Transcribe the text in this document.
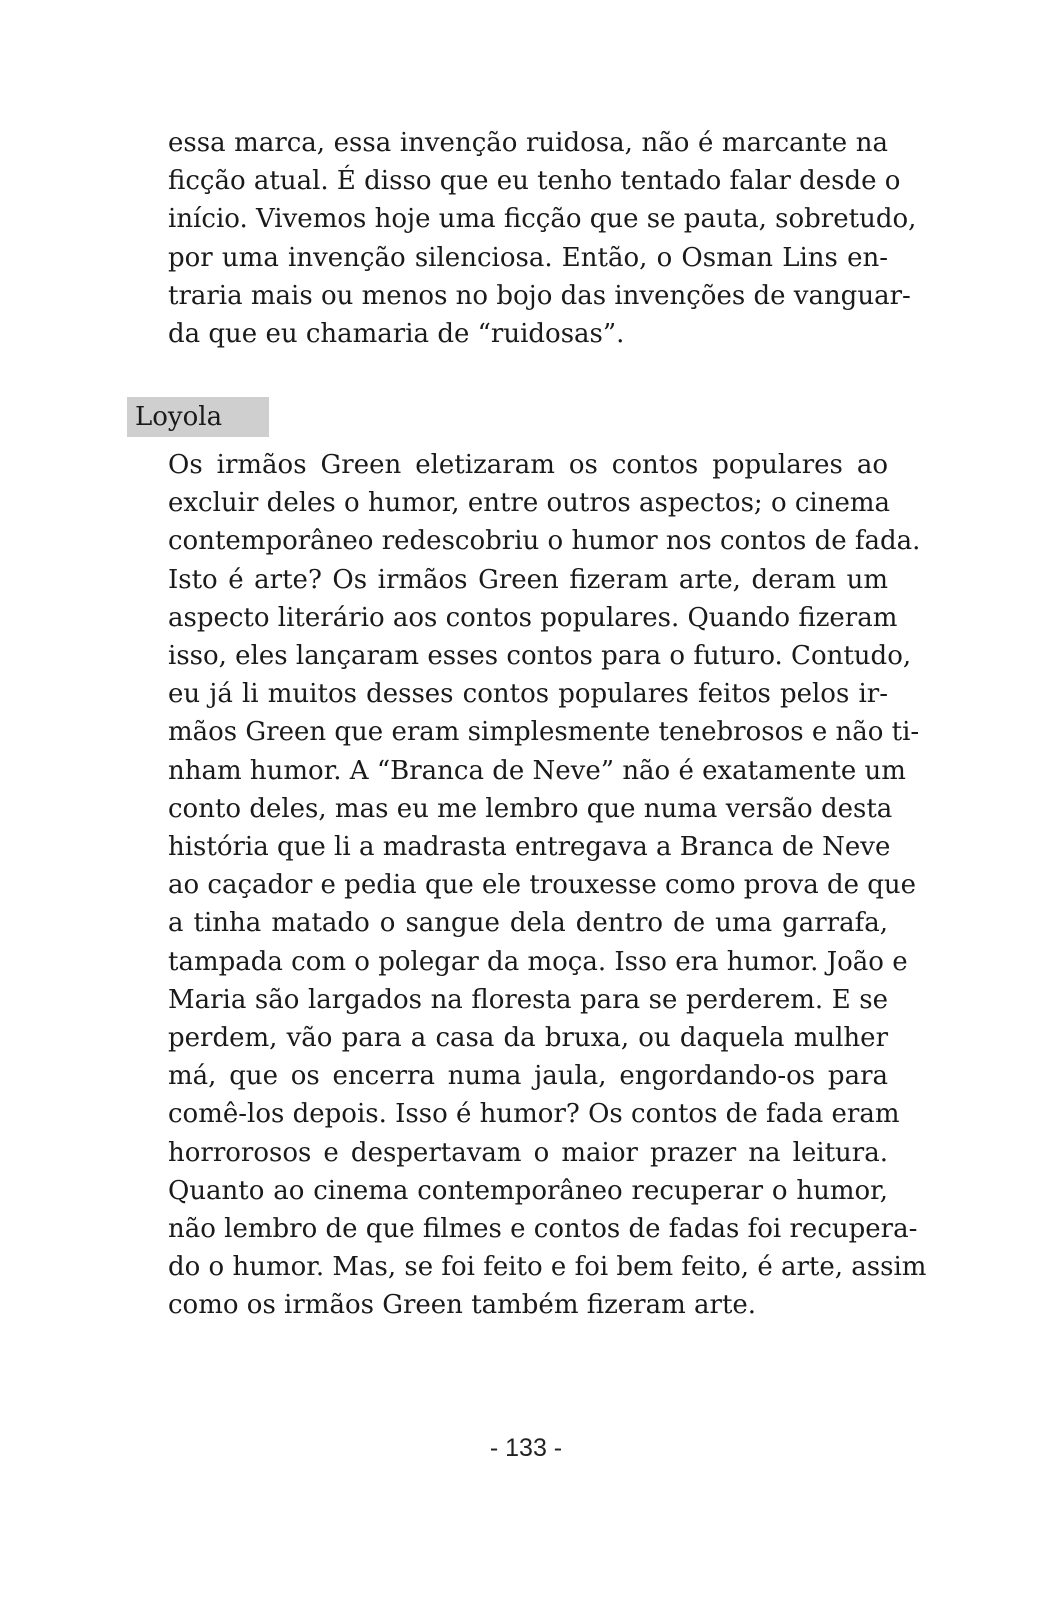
essa marca, essa invenção ruidosa, não é marcante na
ficção atual. É disso que eu tenho tentado falar desde o
início. Vivemos hoje uma ficção que se pauta, sobretudo,
por uma invenção silenciosa. Então, o Osman Lins en-
traria mais ou menos no bojo das invenções de vanguar-
da que eu chamaria de “ruidosas”.

Loyola

Os irmãos Green eletizaram os contos populares ao
excluir deles o humor, entre outros aspectos; o cinema
contemporâneo redescobriu o humor nos contos de fada.
Isto é arte? Os irmãos Green fizeram arte, deram um
aspecto literário aos contos populares. Quando fizeram
isso, eles lançaram esses contos para o futuro. Contudo,
eu já li muitos desses contos populares feitos pelos ir-
mãos Green que eram simplesmente tenebrosos e não ti-
nham humor. A “Branca de Neve” não é exatamente um
conto deles, mas eu me lembro que numa versão desta
história que li a madrasta entregava a Branca de Neve
ao caçador e pedia que ele trouxesse como prova de que
a tinha matado o sangue dela dentro de uma garrafa,
tampada com o polegar da moça. Isso era humor. João e
Maria são largados na floresta para se perderem. E se
perdem, vão para a casa da bruxa, ou daquela mulher
má, que os encerra numa jaula, engordando-os para
comê-los depois. Isso é humor? Os contos de fada eram
horrorosos e despertavam o maior prazer na leitura.
Quanto ao cinema contemporâneo recuperar o humor,
não lembro de que filmes e contos de fadas foi recupera-
do o humor. Mas, se foi feito e foi bem feito, é arte, assim
como os irmãos Green também fizeram arte.

- 133 -
